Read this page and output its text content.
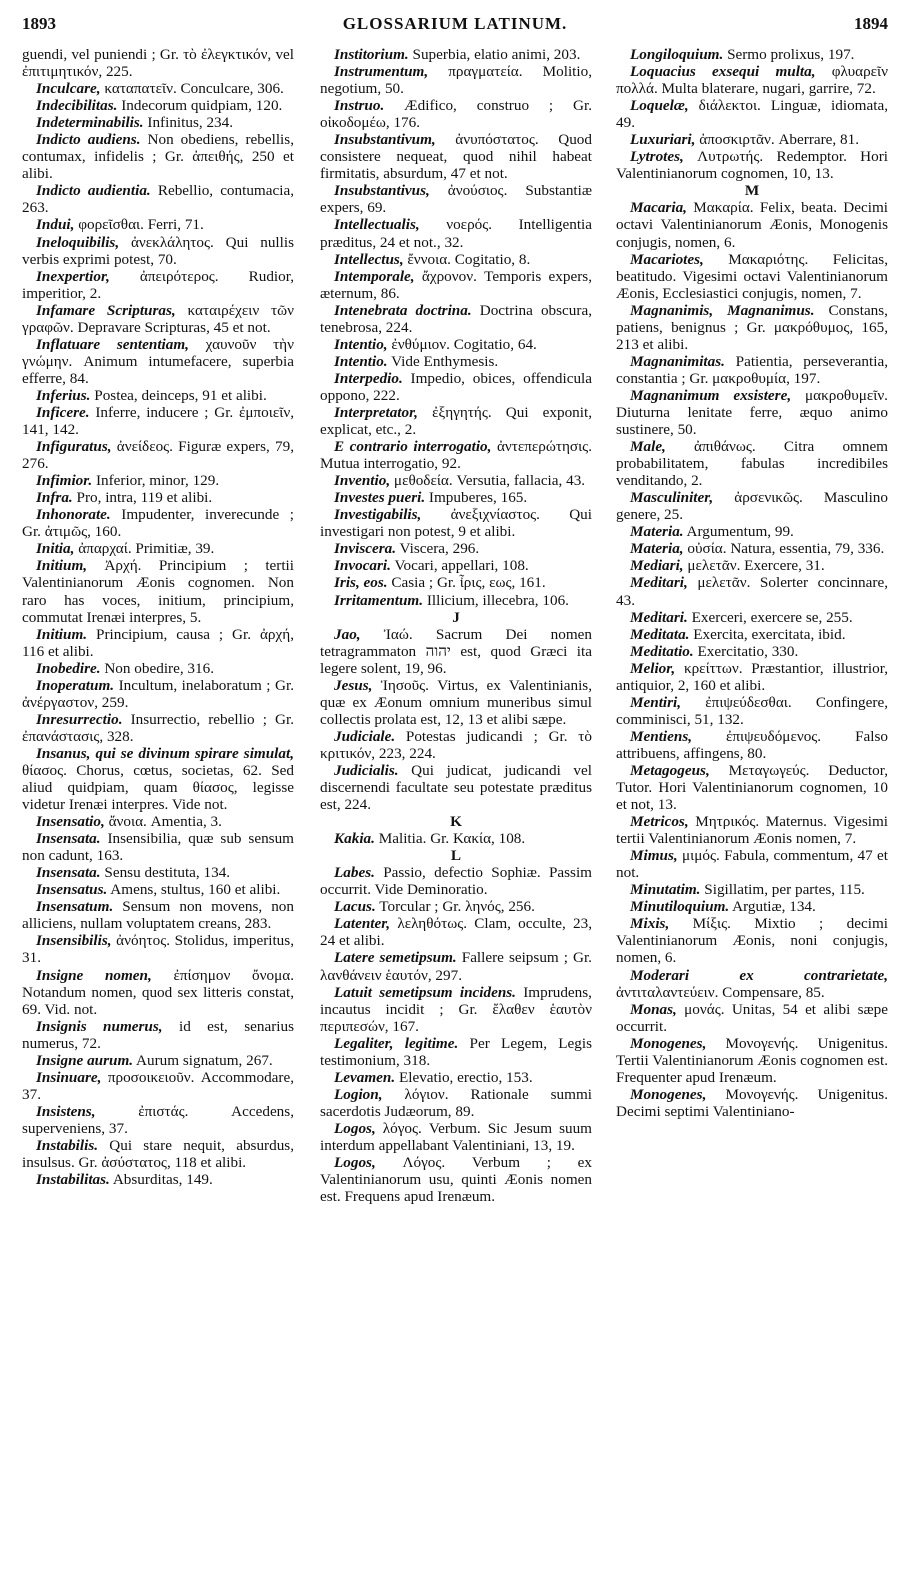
1893	GLOSSARIUM LATINUM.	1894

guendi, vel puniendi ; Gr. τὸ ἐλεγκτικόν, vel ἐπιτιμητικόν, 225.

Inculcare, καταπατεῖν. Conculcare, 306.

Indecibilitas. Indecorum quidpiam, 120.

Indeterminabilis. Infinitus, 234.

Indicto audiens. Non obediens, rebellis, contumax, infidelis ; Gr. ἀπειθής, 250 et alibi.

Indicto audientia. Rebellio, contumacia, 263.

Indui, φορεῖσθαι. Ferri, 71.

Ineloquibilis, ἀνεκλάλητος. Qui nullis verbis exprimi potest, 70.

Inexpertior, ἀπειρότερος. Rudior, imperitior, 2.

Infamare Scripturas, καταιρέχειν τῶν γραφῶν. Depravare Scripturas, 45 et not.

Inflatuare sententiam, χαυνοῦν τὴν γνώμην. Animum intumefacere, superbia efferre, 84.

Inferius. Postea, deinceps, 91 et alibi.

Inficere. Inferre, inducere ; Gr. ἐμποιεῖν, 141, 142.

Infiguratus, ἀνείδεος. Figuræ expers, 79, 276.

Infimior. Inferior, minor, 129.

Infra. Pro, intra, 119 et alibi.

Inhonorate. Impudenter, inverecunde ; Gr. ἀτιμῶς, 160.

Initia, ἀπαρχαί. Primitiæ, 39.

Initium, Ἀρχή. Principium ; tertii Valentinianorum Æonis cognomen. Non raro has voces, initium, principium, commutat Irenæi interpres, 5.

Initium. Principium, causa ; Gr. ἀρχή, 116 et alibi.

Inobedire. Non obedire, 316.

Inoperatum. Incultum, inelaboratum ; Gr. ἀνέργαστον, 259.

Inresurrectio. Insurrectio, rebellio ; Gr. ἐπανάστασις, 328.

Insanus, qui se divinum spirare simulat, θίασος. Chorus, cœtus, societas, 62. Sed aliud quidpiam, quam θίασος, legisse videtur Irenæi interpres. Vide not.

Insensatio, ἄνοια. Amentia, 3.

Insensata. Insensibilia, quæ sub sensum non cadunt, 163.

Insensata. Sensu destituta, 134.

Insensatus. Amens, stultus, 160 et alibi.

Insensatum. Sensum non movens, non alliciens, nullam voluptatem creans, 283.

Insensibilis, ἀνόητος. Stolidus, imperitus, 31.

Insigne nomen, ἐπίσημον ὄνομα. Notandum nomen, quod sex litteris constat, 69. Vid. not.

Insignis numerus, id est, senarius numerus, 72.

Insigne aurum. Aurum signatum, 267.

Insinuare, προσοικειοῦν. Accommodare, 37.

Insistens, ἐπιστάς. Accedens, superveniens, 37.

Instabilis. Qui stare nequit, absurdus, insulsus. Gr. ἀσύστατος, 118 et alibi.

Instabilitas. Absurditas, 149.

Institorium. Superbia, elatio animi, 203.

Instrumentum, πραγματεία. Molitio, negotium, 50.

Instruo. Ædifico, construo ; Gr. οἰκοδομέω, 176.

Insubstantivum, ἀνυπόστατος. Quod consistere nequeat, quod nihil habeat firmitatis, absurdum, 47 et not.

Insubstantivus, ἀνούσιος. Substantiæ expers, 69.

Intellectualis, νοερός. Intelligentia præditus, 24 et not., 32.

Intellectus, ἔννοια. Cogitatio, 8.

Intemporale, ἄχρονον. Temporis expers, æternum, 86.

Intenebrata doctrina. Doctrina obscura, tenebrosa, 224.

Intentio, ἐνθύμιον. Cogitatio, 64.

Intentio. Vide Enthymesis.

Interpedio. Impedio, obices, offendicula oppono, 222.

Interpretator, ἐξηγητής. Qui exponit, explicat, etc., 2.

E contrario interrogatio, ἀντεπερώτησις. Mutua interrogatio, 92.

Inventio, μεθοδεία. Versutia, fallacia, 43.

Investes pueri. Impuberes, 165.

Investigabilis, ἀνεξιχνίαστος. Qui investigari non potest, 9 et alibi.

Inviscera. Viscera, 296.

Invocari. Vocari, appellari, 108.

Iris, eos. Casia ; Gr. ἶρις, εως, 161.

Irritamentum. Illicium, illecebra, 106.

J

Jao, Ἰαώ. Sacrum Dei nomen tetragrammaton יהוה est, quod Græci ita legere solent, 19, 96.

Jesus, Ἰησοῦς. Virtus, ex Valentinianis, quæ ex Æonum omnium muneribus simul collectis prolata est, 12, 13 et alibi sæpe.

Judiciale. Potestas judicandi ; Gr. τὸ κριτικόν, 223, 224.

Judicialis. Qui judicat, judicandi vel discernendi facultate seu potestate præditus est, 224.

K

Kakia. Malitia. Gr. Κακία, 108.

L

Labes. Passio, defectio Sophiæ. Passim occurrit. Vide Deminoratio.

Lacus. Torcular ; Gr. ληνός, 256.

Latenter, λεληθότως. Clam, occulte, 23, 24 et alibi.

Latere semetipsum. Fallere seipsum ; Gr. λανθάνειν ἑαυτόν, 297.

Latuit semetipsum incidens. Imprudens, incautus incidit ; Gr. ἔλαθεν ἑαυτὸν περιπεσών, 167.

Legaliter, legitime. Per Legem, Legis testimonium, 318.

Levamen. Elevatio, erectio, 153.

Logion, λόγιον. Rationale summi sacerdotis Judæorum, 89.

Logos, λόγος. Verbum. Sic Jesum suum interdum appellabant Valentiniani, 13, 19.

Logos, Λόγος. Verbum ; ex Valentinianorum usu, quinti Æonis nomen est. Frequens apud Irenæum.

Longiloquium. Sermo prolixus, 197.

Loquacius exsequi multa, φλυαρεῖν πολλά. Multa blaterare, nugari, garrire, 72.

Loquelæ, διάλεκτοι. Linguæ, idiomata, 49.

Luxuriari, ἀποσκιρτᾶν. Aberrare, 81.

Lytrotes, Λυτρωτής. Redemptor. Hori Valentinianorum cognomen, 10, 13.

M

Macaria, Μακαρία. Felix, beata. Decimi octavi Valentinianorum Æonis, Monogenis conjugis, nomen, 6.

Macariotes, Μακαριότης. Felicitas, beatitudo. Vigesimi octavi Valentinianorum Æonis, Ecclesiastici conjugis, nomen, 7.

Magnanimis, Magnanimus. Constans, patiens, benignus ; Gr. μακρόθυμος, 165, 213 et alibi.

Magnanimitas. Patientia, perseverantia, constantia ; Gr. μακροθυμία, 197.

Magnanimum exsistere, μακροθυμεῖν. Diuturna lenitate ferre, æquo animo sustinere, 50.

Male, ἀπιθάνως. Citra omnem probabilitatem, fabulas incredibiles venditando, 2.

Masculiniter, ἀρσενικῶς. Masculino genere, 25.

Materia. Argumentum, 99.

Materia, οὐσία. Natura, essentia, 79, 336.

Mediari, μελετᾶν. Exercere, 31.

Meditari, μελετᾶν. Solerter concinnare, 43.

Meditari. Exerceri, exercere se, 255.

Meditata. Exercita, exercitata, ibid.

Meditatio. Exercitatio, 330.

Melior, κρείττων. Præstantior, illustrior, antiquior, 2, 160 et alibi.

Mentiri, ἐπιψεύδεσθαι. Confingere, comminisci, 51, 132.

Mentiens, ἐπιψευδόμενος. Falso attribuens, affingens, 80.

Metagogeus, Μεταγωγεύς. Deductor, Tutor. Hori Valentinianorum cognomen, 10 et not, 13.

Metricos, Μητρικός. Maternus. Vigesimi tertii Valentinianorum Æonis nomen, 7.

Mimus, μιμός. Fabula, commentum, 47 et not.

Minutatim. Sigillatim, per partes, 115.

Minutiloquium. Argutiæ, 134.

Mixis, Μίξις. Mixtio ; decimi Valentinianorum Æonis, noni conjugis, nomen, 6.

Moderari ex contrarietate, ἀντιταλαντεύειν. Compensare, 85.

Monas, μονάς. Unitas, 54 et alibi sæpe occurrit.

Monogenes, Μονογενής. Unigenitus. Tertii Valentinianorum Æonis cognomen est. Frequenter apud Irenæum.

Monogenes, Μονογενής. Unigenitus. Decimi septimi Valentiniano-
